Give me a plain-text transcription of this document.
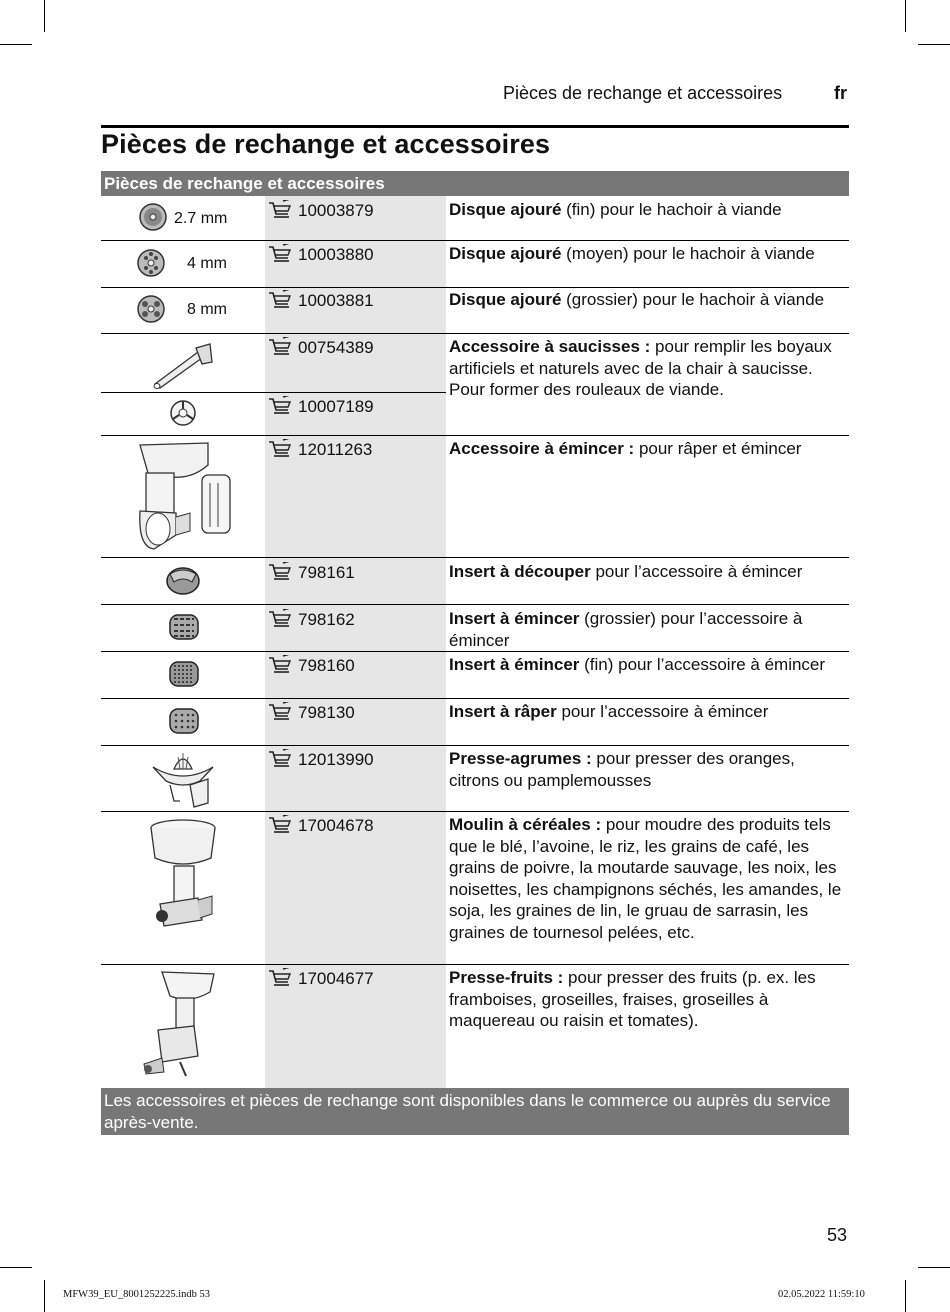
Pièces de rechange et accessoires	fr
Pièces de rechange et accessoires
Pièces de rechange et accessoires
2.7 mm	10003879	Disque ajouré (fin) pour le hachoir à viande
4 mm	10003880	Disque ajouré (moyen) pour le hachoir à viande
8 mm	10003881	Disque ajouré (grossier) pour le hachoir à viande
00754389	Accessoire à saucisses : pour remplir les boyaux artificiels et naturels avec de la chair à saucisse. Pour former des rouleaux de viande.
10007189
12011263	Accessoire à émincer : pour râper et émincer
798161	Insert à découper pour l’accessoire à émincer
798162	Insert à émincer (grossier) pour l’accessoire à émincer
798160	Insert à émincer (fin) pour l’accessoire à émincer
798130	Insert à râper pour l’accessoire à émincer
12013990	Presse-agrumes : pour presser des oranges, citrons ou pamplemousses
17004678	Moulin à céréales : pour moudre des produits tels que le blé, l’avoine, le riz, les grains de café, les grains de poivre, la moutarde sauvage, les noix, les noisettes, les champignons séchés, les amandes, le soja, les graines de lin, le gruau de sarrasin, les graines de tournesol pelées, etc.
17004677	Presse-fruits : pour presser des fruits (p. ex. les framboises, groseilles, fraises, groseilles à maquereau ou raisin et tomates).
Les accessoires et pièces de rechange sont disponibles dans le commerce ou auprès du service après-vente.
53
MFW39_EU_8001252225.indb 53	02.05.2022 11:59:10
